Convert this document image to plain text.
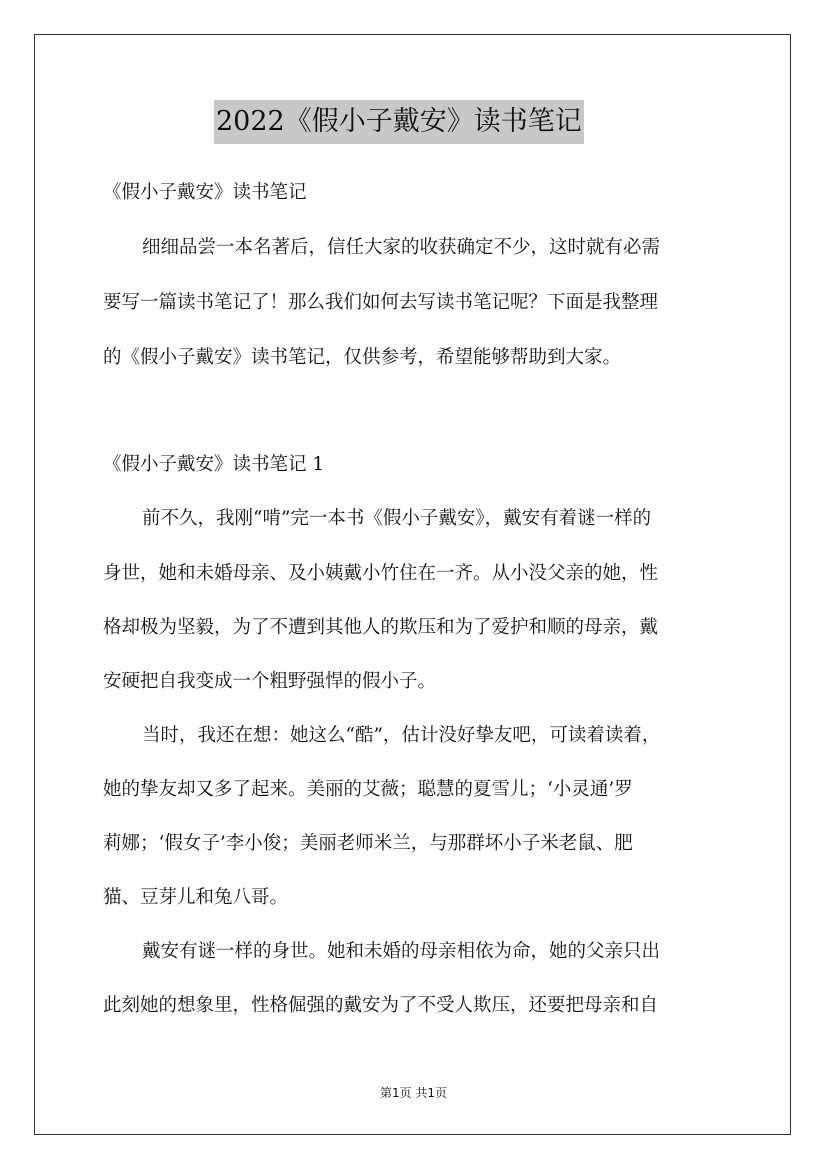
2022《假小子戴安》读书笔记
《假小子戴安》读书笔记
细细品尝一本名著后，信任大家的收获确定不少，这时就有必需
要写一篇读书笔记了！那么我们如何去写读书笔记呢？下面是我整理
的《假小子戴安》读书笔记，仅供参考，希望能够帮助到大家。
《假小子戴安》读书笔记 1
前不久，我刚“啃”完一本书《假小子戴安》，戴安有着谜一样的
身世，她和未婚母亲、及小姨戴小竹住在一齐。从小没父亲的她，性
格却极为坚毅，为了不遭到其他人的欺压和为了爱护和顺的母亲，戴
安硬把自我变成一个粗野强悍的假小子。
当时，我还在想：她这么“酷”，估计没好挚友吧，可读着读着，
她的挚友却又多了起来。美丽的艾薇；聪慧的夏雪儿；‘小灵通’罗
莉娜；‘假女子’李小俊；美丽老师米兰，与那群坏小子米老鼠、肥
猫、豆芽儿和兔八哥。
戴安有谜一样的身世。她和未婚的母亲相依为命，她的父亲只出
此刻她的想象里，性格倔强的戴安为了不受人欺压，还要把母亲和自
第1页 共1页
